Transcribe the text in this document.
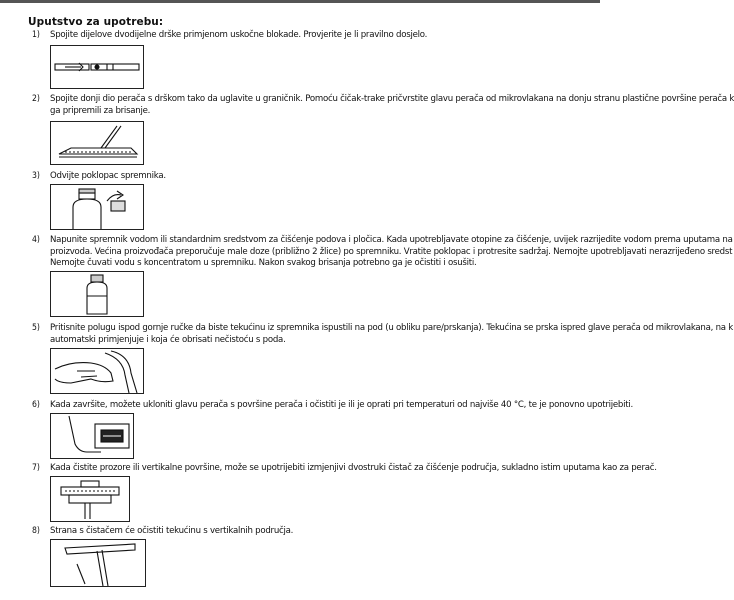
Uputstvo za upotrebu:
1) Spojite dijelove dvodijelne drške primjenom uskočne blokade. Provjerite je li pravilno dosjelo.
2) Spojite donji dio perača s drškom tako da uglavite u graničnik. Pomoću čičak-trake pričvrstite glavu perača od mikrovlakana na donju stranu plastične površine perača k
ga pripremili za brisanje.
3) Odvijte poklopac spremnika.
4) Napunite spremnik vodom ili standardnim sredstvom za čišćenje podova i pločica. Kada upotrebljavate otopine za čišćenje, uvijek razrijedite vodom prema uputama na
proizvoda. Većina proizvođača preporučuje male doze (približno 2 žlice) po spremniku. Vratite poklopac i protresite sadržaj. Nemojte upotrebljavati nerazrijeđeno sredst
Nemojte čuvati vodu s koncentratom u spremniku. Nakon svakog brisanja potrebno ga je očistiti i osušiti.
5) Pritisnite polugu ispod gornje ručke da biste tekućinu iz spremnika ispustili na pod (u obliku pare/prskanja). Tekućina se prska ispred glave perača od mikrovlakana, na k
automatski primjenjuje i koja će obrisati nečistoću s poda.
6) Kada završite, možete ukloniti glavu perača s površine perača i očistiti je ili je oprati pri temperaturi od najviše 40 °C, te je ponovno upotrijebiti.
7) Kada čistite prozore ili vertikalne površine, može se upotrijebiti izmjenjivi dvostruki čistač za čišćenje područja, sukladno istim uputama kao za perač.
8) Strana s čistačem će očistiti tekućinu s vertikalnih područja.
